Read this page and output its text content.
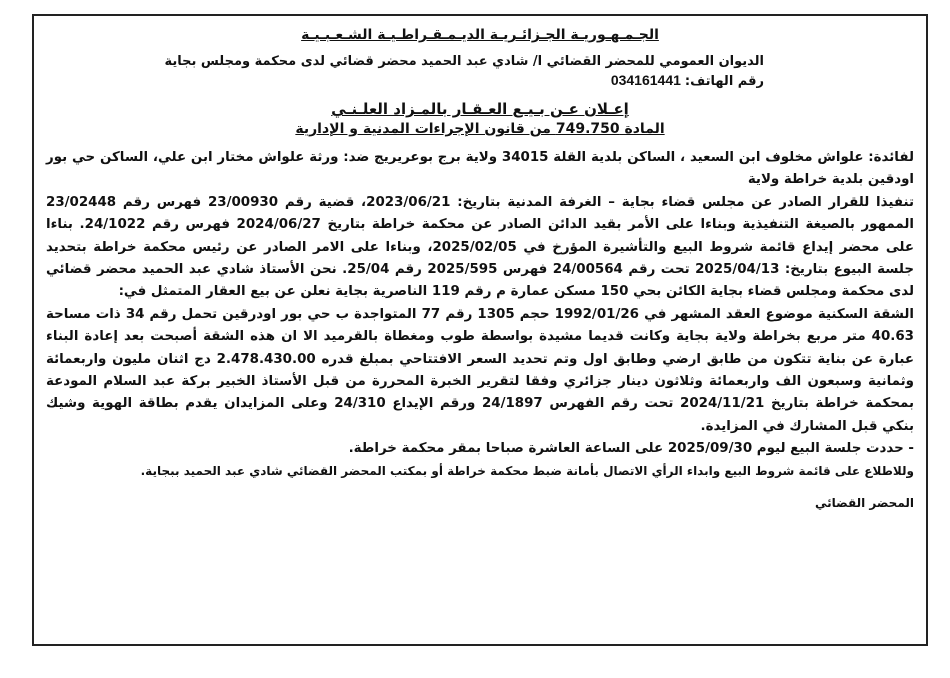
الجـمـهـوريـة الجـزائـريـة الديـمـقـراطـيـة الشـعـبـيـة

الديوان العمومي للمحضر القضائي ا/ شادي عبد الحميد محضر قضائي لدى محكمة ومجلس بجاية

رقم الهاتف:034161441

إعـلان عـن بـيـع العـقـار بالمـزاد العلـنـي

المادة 749.750 من قانون الإجراءات المدنية و الإدارية

لفائدة: علواش مخلوف ابن السعيد ، الساكن بلدية القلة 34015 ولاية برج بوعريريج ضد: ورثة علواش مختار ابن علي، الساكن حي بور اودقين بلدية خراطة ولاية

تنفيذا للقرار الصادر عن مجلس قضاء بجاية – الغرفة المدنية بتاريخ: 2023/06/21، قضية رقم 23/00930 فهرس رقم 23/02448 الممهور بالصيغة التنفيذية وبناءا على الأمر بقيد الدائن الصادر عن محكمة خراطة بتاريخ 2024/06/27 فهرس رقم 24/1022. بناءا على محضر إيداع قائمة شروط البيع والتأشيرة المؤرخ في 2025/02/05، وبناءا على الامر الصادر عن رئيس محكمة خراطة بتحديد جلسة البيوع بتاريخ: 2025/04/13 تحت رقم 24/00564 فهرس 2025/595 رقم 25/04. نحن الأستاذ شادي عبد الحميد محضر قضائي لدى محكمة ومجلس قضاء بجاية الكائن بحي 150 مسكن عمارة م رقم 119 الناصرية بجاية نعلن عن بيع العقار المتمثل في:

الشقة السكنية موضوع العقد المشهر في 1992/01/26 حجم 1305 رقم 77 المتواجدة ب حي بور اودرقين تحمل رقم 34 ذات مساحة 40.63 متر مربع بخراطة ولاية بجاية وكانت قديما مشيدة بواسطة طوب ومغطاة بالقرميد الا ان هذه الشقة أصبحت بعد إعادة البناء عبارة عن بناية تتكون من طابق ارضي وطابق اول وتم تحديد السعر الافتتاحي بمبلغ قدره 2.478.430.00 دج اثنان مليون واربعمائة وثمانية وسبعون الف واربعمائة وثلاثون دينار جزائري وفقا لتقرير الخبرة المحررة من قبل الأستاذ الخبير بركة عبد السلام المودعة بمحكمة خراطة بتاريخ 2024/11/21 تحت رقم الفهرس 24/1897 ورقم الإيداع 24/310 وعلى المزايدان يقدم بطاقة الهوية وشيك بنكي قبل المشارك في المزايدة.

- حددت جلسة البيع ليوم 2025/09/30 على الساعة العاشرة صباحا بمقر محكمة خراطة.

وللاطلاع على قائمة شروط البيع وابداء الرأي الاتصال بأمانة ضبط محكمة خراطة أو بمكتب المحضر القضائي شادي عبد الحميد ببجاية.

المحضر القضائي
